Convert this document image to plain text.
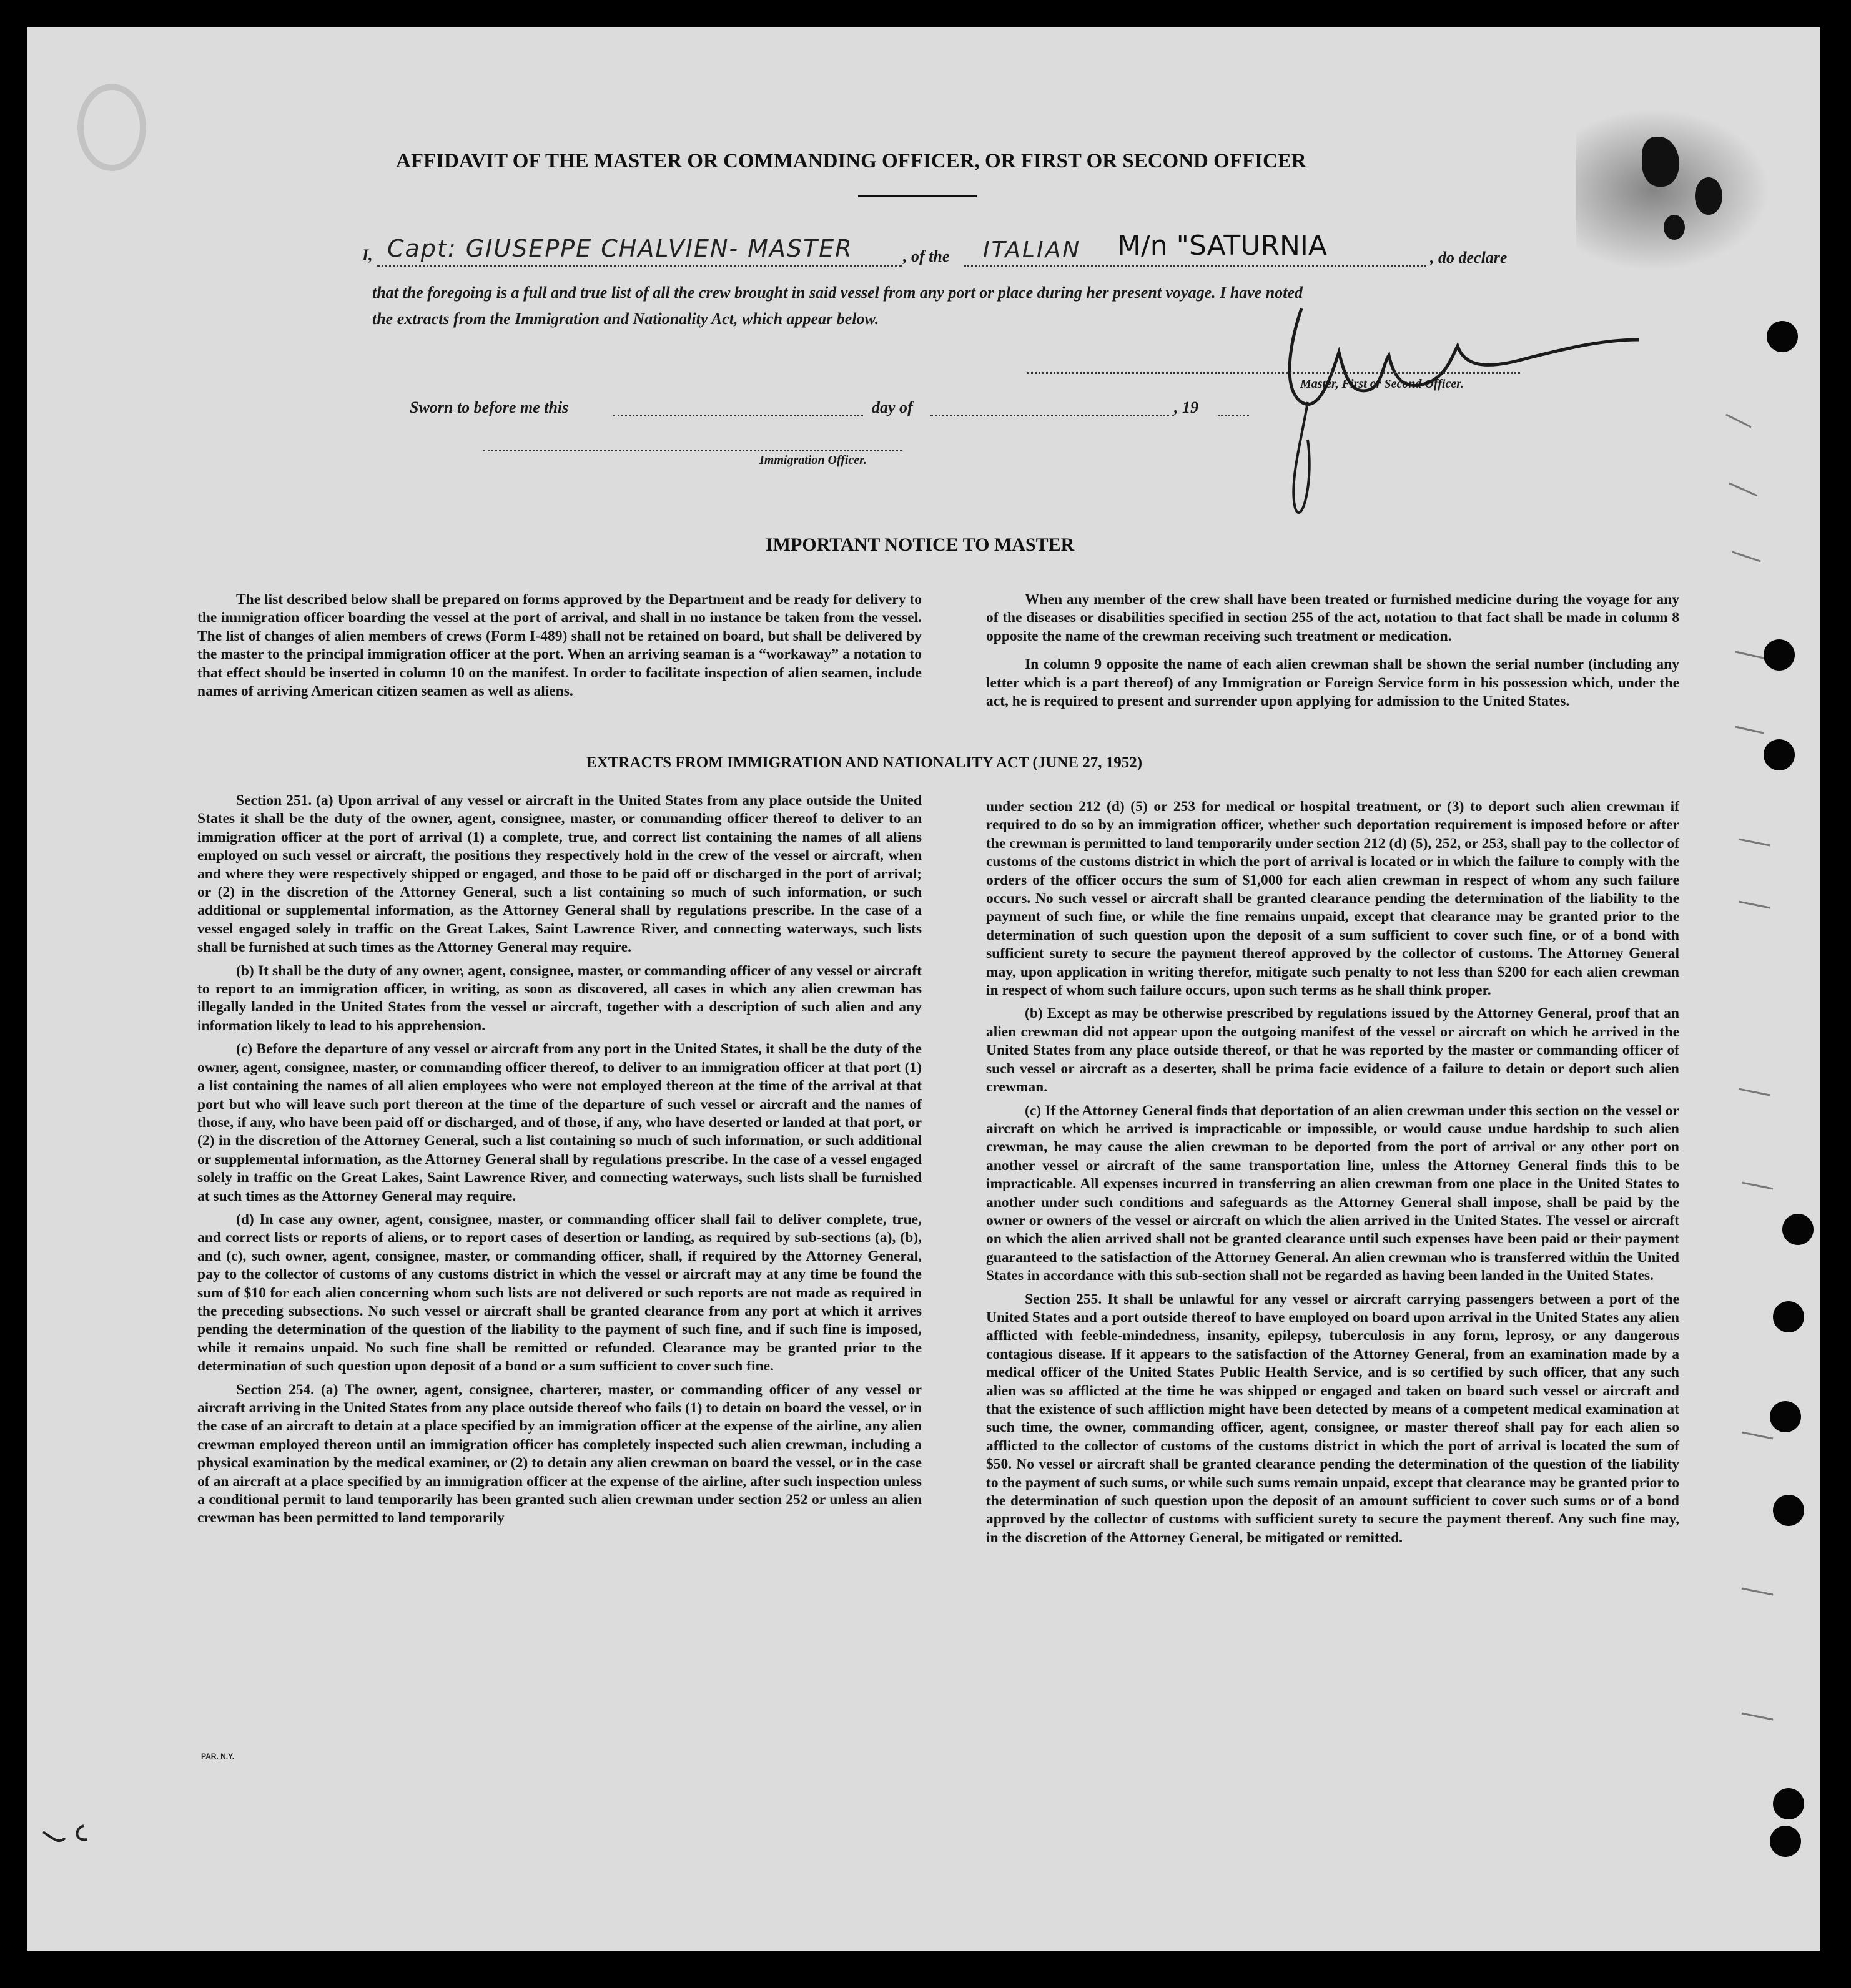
AFFIDAVIT OF THE MASTER OR COMMANDING OFFICER, OR FIRST OR SECOND OFFICER
I, Capt: GIUSEPPE CHALVIEN- MASTER	, of the ITALIAN M/n "SATURNIA	, do declare
that the foregoing is a full and true list of all the crew brought in said vessel from any port or place during her present voyage. I have noted
the extracts from the Immigration and Nationality Act, which appear below.
Master, First or Second Officer.
Sworn to before me this	day of	, 19
Immigration Officer.
IMPORTANT NOTICE TO MASTER

The list described below shall be prepared on forms approved by the Department and be ready for delivery to the immigration officer boarding the vessel at the port of arrival, and shall in no instance be taken from the vessel. The list of changes of alien members of crews (Form I-489) shall not be retained on board, but shall be delivered by the master to the principal immigration officer at the port. When an arriving seaman is a “workaway” a notation to that effect should be inserted in column 10 on the manifest. In order to facilitate inspection of alien seamen, include names of arriving American citizen seamen as well as aliens.

When any member of the crew shall have been treated or furnished medicine during the voyage for any of the diseases or disabilities specified in section 255 of the act, notation to that fact shall be made in column 8 opposite the name of the crewman receiving such treatment or medication.

In column 9 opposite the name of each alien crewman shall be shown the serial number (including any letter which is a part thereof) of any Immigration or Foreign Service form in his possession which, under the act, he is required to present and surrender upon applying for admission to the United States.

EXTRACTS FROM IMMIGRATION AND NATIONALITY ACT (JUNE 27, 1952)

Section 251. (a) Upon arrival of any vessel or aircraft in the United States from any place outside the United States it shall be the duty of the owner, agent, consignee, master, or commanding officer thereof to deliver to an immigration officer at the port of arrival (1) a complete, true, and correct list containing the names of all aliens employed on such vessel or aircraft, the positions they respectively hold in the crew of the vessel or aircraft, when and where they were respectively shipped or engaged, and those to be paid off or discharged in the port of arrival; or (2) in the discretion of the Attorney General, such a list containing so much of such information, or such additional or supplemental information, as the Attorney General shall by regulations prescribe. In the case of a vessel engaged solely in traffic on the Great Lakes, Saint Lawrence River, and connecting waterways, such lists shall be furnished at such times as the Attorney General may require.

(b) It shall be the duty of any owner, agent, consignee, master, or commanding officer of any vessel or aircraft to report to an immigration officer, in writing, as soon as discovered, all cases in which any alien crewman has illegally landed in the United States from the vessel or aircraft, together with a description of such alien and any information likely to lead to his apprehension.

(c) Before the departure of any vessel or aircraft from any port in the United States, it shall be the duty of the owner, agent, consignee, master, or commanding officer thereof, to deliver to an immigration officer at that port (1) a list containing the names of all alien employees who were not employed thereon at the time of the arrival at that port but who will leave such port thereon at the time of the departure of such vessel or aircraft and the names of those, if any, who have been paid off or discharged, and of those, if any, who have deserted or landed at that port, or (2) in the discretion of the Attorney General, such a list containing so much of such information, or such additional or supplemental information, as the Attorney General shall by regulations prescribe. In the case of a vessel engaged solely in traffic on the Great Lakes, Saint Lawrence River, and connecting waterways, such lists shall be furnished at such times as the Attorney General may require.

(d) In case any owner, agent, consignee, master, or commanding officer shall fail to deliver complete, true, and correct lists or reports of aliens, or to report cases of desertion or landing, as required by sub-sections (a), (b), and (c), such owner, agent, consignee, master, or commanding officer, shall, if required by the Attorney General, pay to the collector of customs of any customs district in which the vessel or aircraft may at any time be found the sum of $10 for each alien concerning whom such lists are not delivered or such reports are not made as required in the preceding subsections. No such vessel or aircraft shall be granted clearance from any port at which it arrives pending the determination of the question of the liability to the payment of such fine, and if such fine is imposed, while it remains unpaid. No such fine shall be remitted or refunded. Clearance may be granted prior to the determination of such question upon deposit of a bond or a sum sufficient to cover such fine.

Section 254. (a) The owner, agent, consignee, charterer, master, or commanding officer of any vessel or aircraft arriving in the United States from any place outside thereof who fails (1) to detain on board the vessel, or in the case of an aircraft to detain at a place specified by an immigration officer at the expense of the airline, any alien crewman employed thereon until an immigration officer has completely inspected such alien crewman, including a physical examination by the medical examiner, or (2) to detain any alien crewman on board the vessel, or in the case of an aircraft at a place specified by an immigration officer at the expense of the airline, after such inspection unless a conditional permit to land temporarily has been granted such alien crewman under section 252 or unless an alien crewman has been permitted to land temporarily

under section 212 (d) (5) or 253 for medical or hospital treatment, or (3) to deport such alien crewman if required to do so by an immigration officer, whether such deportation requirement is imposed before or after the crewman is permitted to land temporarily under section 212 (d) (5), 252, or 253, shall pay to the collector of customs of the customs district in which the port of arrival is located or in which the failure to comply with the orders of the officer occurs the sum of $1,000 for each alien crewman in respect of whom any such failure occurs. No such vessel or aircraft shall be granted clearance pending the determination of the liability to the payment of such fine, or while the fine remains unpaid, except that clearance may be granted prior to the determination of such question upon the deposit of a sum sufficient to cover such fine, or of a bond with sufficient surety to secure the payment thereof approved by the collector of customs. The Attorney General may, upon application in writing therefor, mitigate such penalty to not less than $200 for each alien crewman in respect of whom such failure occurs, upon such terms as he shall think proper.

(b) Except as may be otherwise prescribed by regulations issued by the Attorney General, proof that an alien crewman did not appear upon the outgoing manifest of the vessel or aircraft on which he arrived in the United States from any place outside thereof, or that he was reported by the master or commanding officer of such vessel or aircraft as a deserter, shall be prima facie evidence of a failure to detain or deport such alien crewman.

(c) If the Attorney General finds that deportation of an alien crewman under this section on the vessel or aircraft on which he arrived is impracticable or impossible, or would cause undue hardship to such alien crewman, he may cause the alien crewman to be deported from the port of arrival or any other port on another vessel or aircraft of the same transportation line, unless the Attorney General finds this to be impracticable. All expenses incurred in transferring an alien crewman from one place in the United States to another under such conditions and safeguards as the Attorney General shall impose, shall be paid by the owner or owners of the vessel or aircraft on which the alien arrived in the United States. The vessel or aircraft on which the alien arrived shall not be granted clearance until such expenses have been paid or their payment guaranteed to the satisfaction of the Attorney General. An alien crewman who is transferred within the United States in accordance with this sub-section shall not be regarded as having been landed in the United States.

Section 255. It shall be unlawful for any vessel or aircraft carrying passengers between a port of the United States and a port outside thereof to have employed on board upon arrival in the United States any alien afflicted with feeble-mindedness, insanity, epilepsy, tuberculosis in any form, leprosy, or any dangerous contagious disease. If it appears to the satisfaction of the Attorney General, from an examination made by a medical officer of the United States Public Health Service, and is so certified by such officer, that any such alien was so afflicted at the time he was shipped or engaged and taken on board such vessel or aircraft and that the existence of such affliction might have been detected by means of a competent medical examination at such time, the owner, commanding officer, agent, consignee, or master thereof shall pay for each alien so afflicted to the collector of customs of the customs district in which the port of arrival is located the sum of $50. No vessel or aircraft shall be granted clearance pending the determination of the question of the liability to the payment of such sums, or while such sums remain unpaid, except that clearance may be granted prior to the determination of such question upon the deposit of an amount sufficient to cover such sums or of a bond approved by the collector of customs with sufficient surety to secure the payment thereof. Any such fine may, in the discretion of the Attorney General, be mitigated or remitted.

PAR. N.Y.
